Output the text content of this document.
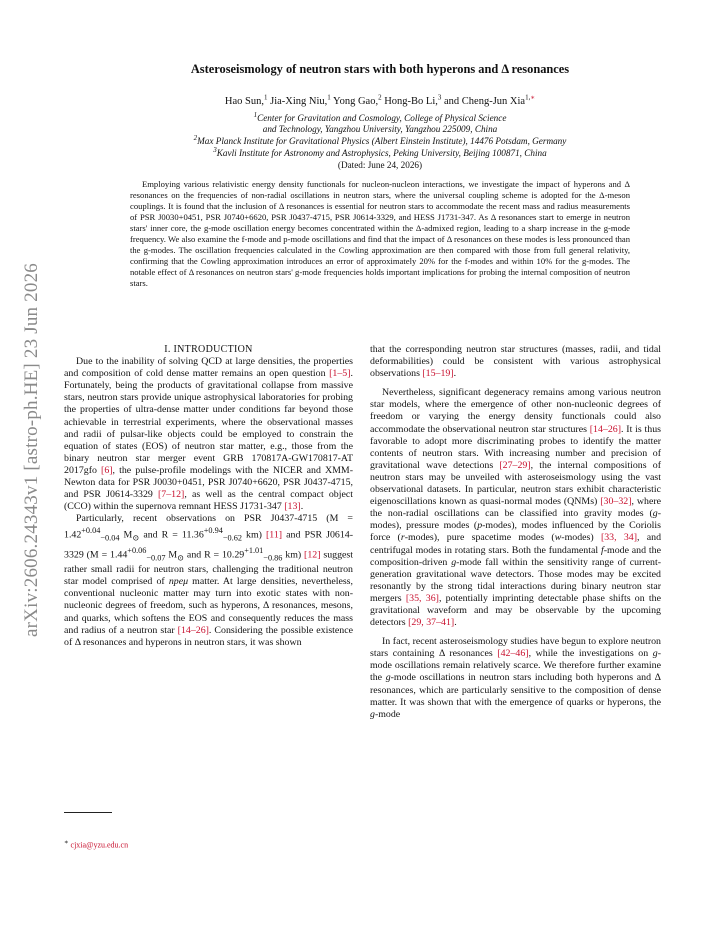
arXiv:2606.24343v1 [astro-ph.HE] 23 Jun 2026
Asteroseismology of neutron stars with both hyperons and Δ resonances
Hao Sun,$^1$ Jia-Xing Niu,$^1$ Yong Gao,$^2$ Hong-Bo Li,$^3$ and Cheng-Jun Xia$^{1,∗}$
$^1$Center for Gravitation and Cosmology, College of Physical Science
and Technology, Yangzhou University, Yangzhou 225009, China
$^2$Max Planck Institute for Gravitational Physics (Albert Einstein Institute), 14476 Potsdam, Germany
$^3$Kavli Institute for Astronomy and Astrophysics, Peking University, Beijing 100871, China
(Dated: June 24, 2026)

Employing various relativistic energy density functionals for nucleon-nucleon interactions, we investigate the impact of hyperons and Δ resonances on the frequencies of non-radial oscillations in neutron stars, where the universal coupling scheme is adopted for the Δ-meson couplings. It is found that the inclusion of Δ resonances is essential for neutron stars to accommodate the recent mass and radius measurements of PSR J0030+0451, PSR J0740+6620, PSR J0437-4715, PSR J0614-3329, and HESS J1731-347. As Δ resonances start to emerge in neutron stars' inner core, the g-mode oscillation energy becomes concentrated within the Δ-admixed region, leading to a sharp increase in the g-mode frequency. We also examine the f-mode and p-mode oscillations and find that the impact of Δ resonances on these modes is less pronounced than the g-modes. The oscillation frequencies calculated in the Cowling approximation are then compared with those from full general relativity, confirming that the Cowling approximation introduces an error of approximately 20% for the f-modes and within 10% for the g-modes. The notable effect of Δ resonances on neutron stars' g-mode frequencies holds important implications for probing the internal composition of neutron stars.

I. INTRODUCTION

Due to the inability of solving QCD at large densities, the properties and composition of cold dense matter remains an open question [1–5]. Fortunately, being the products of gravitational collapse from massive stars, neutron stars provide unique astrophysical laboratories for probing the properties of ultra-dense matter under conditions far beyond those achievable in terrestrial experiments, where the observational masses and radii of pulsar-like objects could be employed to constrain the equation of states (EOS) of neutron star matter, e.g., those from the binary neutron star merger event GRB 170817A-GW170817-AT 2017gfo [6], the pulse-profile modelings with the NICER and XMM-Newton data for PSR J0030+0451, PSR J0740+6620, PSR J0437-4715, and PSR J0614-3329 [7–12], as well as the central compact object (CCO) within the supernova remnant HESS J1731-347 [13].

Particularly, recent observations on PSR J0437-4715 ($M = 1.42^{+0.04}_{-0.04}$ $M_⊙$ and $R = 11.36^{+0.94}_{-0.62}$ km) [11] and PSR J0614-3329 ($M = 1.44^{+0.06}_{-0.07}$ $M_⊙$ and $R = 10.29^{+1.01}_{-0.86}$ km) [12] suggest rather small radii for neutron stars, challenging the traditional neutron star model comprised of npeμ matter. At large densities, nevertheless, conventional nucleonic matter may turn into exotic states with non-nucleonic degrees of freedom, such as hyperons, Δ resonances, mesons, and quarks, which softens the EOS and consequently reduces the mass and radius of a neutron star [14–26]. Considering the possible existence of Δ resonances and hyperons in neutron stars, it was shown

that the corresponding neutron star structures (masses, radii, and tidal deformabilities) could be consistent with various astrophysical observations [15–19].

Nevertheless, significant degeneracy remains among various neutron star models, where the emergence of other non-nucleonic degrees of freedom or varying the energy density functionals could also accommodate the observational neutron star structures [14–26]. It is thus favorable to adopt more discriminating probes to identify the matter contents of neutron stars. With increasing number and precision of gravitational wave detections [27–29], the internal compositions of neutron stars may be unveiled with asteroseismology using the vast observational datasets. In particular, neutron stars exhibit characteristic eigenoscillations known as quasi-normal modes (QNMs) [30–32], where the non-radial oscillations can be classified into gravity modes (g-modes), pressure modes (p-modes), modes influenced by the Coriolis force (r-modes), pure spacetime modes (w-modes) [33, 34], and centrifugal modes in rotating stars. Both the fundamental f-mode and the composition-driven g-mode fall within the sensitivity range of current-generation gravitational wave detectors. Those modes may be excited resonantly by the strong tidal interactions during binary neutron star mergers [35, 36], potentially imprinting detectable phase shifts on the gravitational waveform and may be observable by the upcoming detectors [29, 37–41].

In fact, recent asteroseismology studies have begun to explore neutron stars containing Δ resonances [42–46], while the investigations on g-mode oscillations remain relatively scarce. We therefore further examine the g-mode oscillations in neutron stars including both hyperons and Δ resonances, which are particularly sensitive to the composition of dense matter. It was shown that with the emergence of quarks or hyperons, the g-mode

∗ cjxia@yzu.edu.cn
